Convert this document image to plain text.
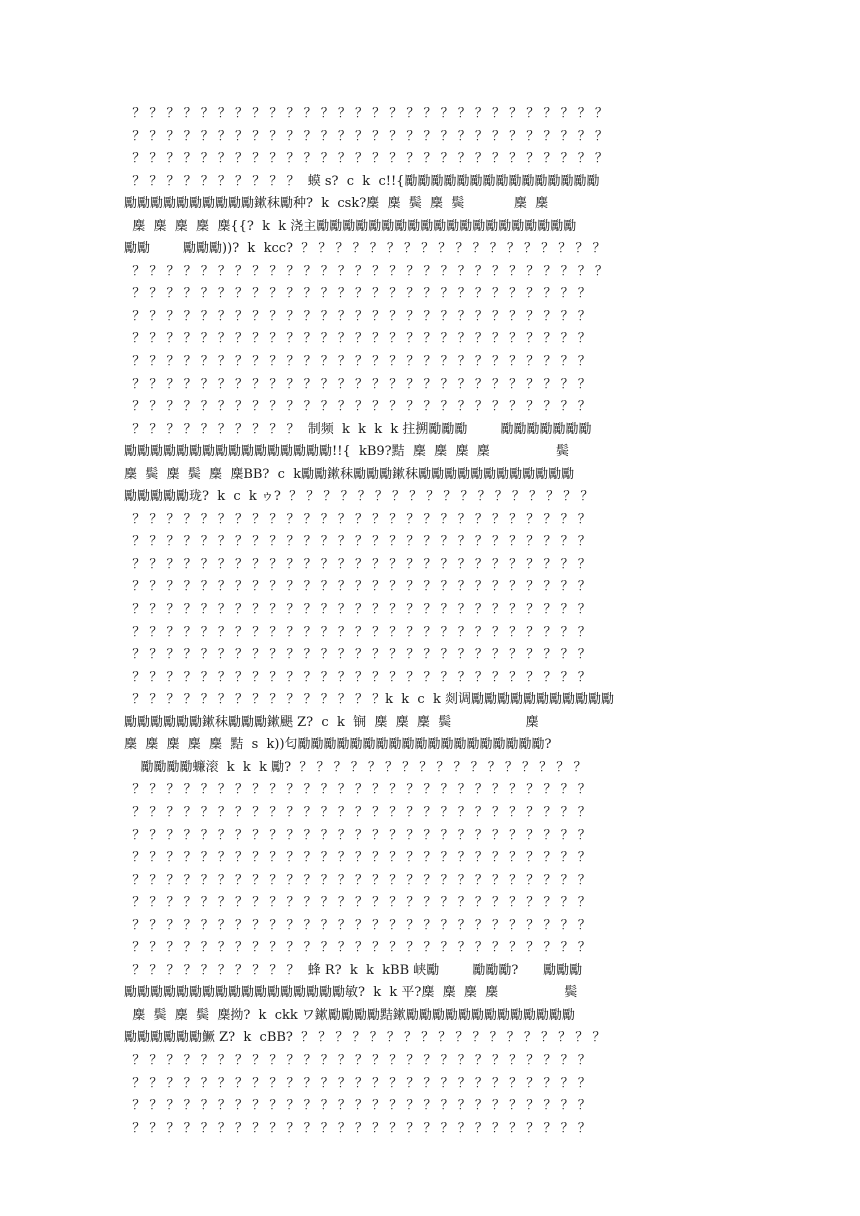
？ ？ ？ ？ ？ ？ ？ ？ ？ ？ ？ ？ ？ ？ ？ ？ ？ ？ ？ ？ ？ ？ ？ ？ ？ ？ ？ ？
？ ？ ？ ？ ？ ？ ？ ？ ？ ？ ？ ？ ？ ？ ？ ？ ？ ？ ？ ？ ？ ？ ？ ？ ？ ？ ？ ？
？ ？ ？ ？ ？ ？ ？ ？ ？ ？ ？ ？ ？ ？ ？ ？ ？ ？ ？ ？ ？ ？ ？ ？ ？ ？ ？ ？
？ ？ ？ ？ ？ ？ ？ ？ ？ ？  蟆 s?  c  k  c!!{勵勵勵勵勵勵勵勵勵勵勵勵勵勵勵
勵勵勵勵勵勵勵勵勵勵鏉秣勵种?  k  csk?麇  麇  鬓  麇  鬓            麇  麇
麇  麇  麇  麇  麇{{?  k  k 浇主勵勵勵勵勵勵勵勵勵勵勵勵勵勵勵勵勵勵勵勵
勵勵        勵勵勵))?  k  kcc?  ？ ？ ？ ？ ？ ？ ？ ？ ？ ？ ？ ？ ？ ？ ？ ？ ？ ？
？ ？ ？ ？ ？ ？ ？ ？ ？ ？ ？ ？ ？ ？ ？ ？ ？ ？ ？ ？ ？ ？ ？ ？ ？ ？ ？ ？
？ ？ ？ ？ ？ ？ ？ ？ ？ ？ ？ ？ ？ ？ ？ ？ ？ ？ ？ ？ ？ ？ ？ ？ ？ ？ ？
？ ？ ？ ？ ？ ？ ？ ？ ？ ？ ？ ？ ？ ？ ？ ？ ？ ？ ？ ？ ？ ？ ？ ？ ？ ？ ？
？ ？ ？ ？ ？ ？ ？ ？ ？ ？ ？ ？ ？ ？ ？ ？ ？ ？ ？ ？ ？ ？ ？ ？ ？ ？ ？
？ ？ ？ ？ ？ ？ ？ ？ ？ ？ ？ ？ ？ ？ ？ ？ ？ ？ ？ ？ ？ ？ ？ ？ ？ ？ ？
？ ？ ？ ？ ？ ？ ？ ？ ？ ？ ？ ？ ？ ？ ？ ？ ？ ？ ？ ？ ？ ？ ？ ？ ？ ？ ？
？ ？ ？ ？ ？ ？ ？ ？ ？ ？ ？ ？ ？ ？ ？ ？ ？ ？ ？ ？ ？ ？ ？ ？ ？ ？ ？
？ ？ ？ ？ ？ ？ ？ ？ ？ ？  制频  k  k  k  k 拄搠勵勵勵        勵勵勵勵勵勵勵
勵勵勵勵勵勵勵勵勵勵勵勵勵勵勵勵!!{  kB9?黠  麇  麇  麇  麇                鬓
麇  鬓  麇  鬓  麇  麇BB?  c  k勵勵鏉秣勵勵勵鏉秣勵勵勵勵勵勵勵勵勵勵勵勵
勵勵勵勵勵珑?  k  c  k ゥ?  ？ ？ ？ ？ ？ ？ ？ ？ ？ ？ ？ ？ ？ ？ ？ ？ ？ ？
？ ？ ？ ？ ？ ？ ？ ？ ？ ？ ？ ？ ？ ？ ？ ？ ？ ？ ？ ？ ？ ？ ？ ？ ？ ？ ？
？ ？ ？ ？ ？ ？ ？ ？ ？ ？ ？ ？ ？ ？ ？ ？ ？ ？ ？ ？ ？ ？ ？ ？ ？ ？ ？
？ ？ ？ ？ ？ ？ ？ ？ ？ ？ ？ ？ ？ ？ ？ ？ ？ ？ ？ ？ ？ ？ ？ ？ ？ ？ ？
？ ？ ？ ？ ？ ？ ？ ？ ？ ？ ？ ？ ？ ？ ？ ？ ？ ？ ？ ？ ？ ？ ？ ？ ？ ？ ？
？ ？ ？ ？ ？ ？ ？ ？ ？ ？ ？ ？ ？ ？ ？ ？ ？ ？ ？ ？ ？ ？ ？ ？ ？ ？ ？
？ ？ ？ ？ ？ ？ ？ ？ ？ ？ ？ ？ ？ ？ ？ ？ ？ ？ ？ ？ ？ ？ ？ ？ ？ ？ ？
？ ？ ？ ？ ？ ？ ？ ？ ？ ？ ？ ？ ？ ？ ？ ？ ？ ？ ？ ？ ？ ？ ？ ？ ？ ？ ？
？ ？ ？ ？ ？ ？ ？ ？ ？ ？ ？ ？ ？ ？ ？ ？ ？ ？ ？ ？ ？ ？ ？ ？ ？ ？ ？
？ ？ ？ ？ ？ ？ ？ ？ ？ ？ ？ ？ ？ ？ ？k  k  c  k 剡调勵勵勵勵勵勵勵勵勵勵勵
勵勵勵勵勵勵鏉秣勵勵勵鏉颶 Z?  c  k  锎  麇  麇  麇  鬓                  麇
麇  麇  麇  麇  麇  黠  s  k))匂勵勵勵勵勵勵勵勵勵勵勵勵勵勵勵勵勵勵勵?
勵勵勵勵蠊滚  k  k  k 勵?  ？ ？ ？ ？ ？ ？ ？ ？ ？ ？ ？ ？ ？ ？ ？ ？ ？
？ ？ ？ ？ ？ ？ ？ ？ ？ ？ ？ ？ ？ ？ ？ ？ ？ ？ ？ ？ ？ ？ ？ ？ ？ ？ ？
？ ？ ？ ？ ？ ？ ？ ？ ？ ？ ？ ？ ？ ？ ？ ？ ？ ？ ？ ？ ？ ？ ？ ？ ？ ？ ？
？ ？ ？ ？ ？ ？ ？ ？ ？ ？ ？ ？ ？ ？ ？ ？ ？ ？ ？ ？ ？ ？ ？ ？ ？ ？ ？
？ ？ ？ ？ ？ ？ ？ ？ ？ ？ ？ ？ ？ ？ ？ ？ ？ ？ ？ ？ ？ ？ ？ ？ ？ ？ ？
？ ？ ？ ？ ？ ？ ？ ？ ？ ？ ？ ？ ？ ？ ？ ？ ？ ？ ？ ？ ？ ？ ？ ？ ？ ？ ？
？ ？ ？ ？ ？ ？ ？ ？ ？ ？ ？ ？ ？ ？ ？ ？ ？ ？ ？ ？ ？ ？ ？ ？ ？ ？ ？
？ ？ ？ ？ ？ ？ ？ ？ ？ ？ ？ ？ ？ ？ ？ ？ ？ ？ ？ ？ ？ ？ ？ ？ ？ ？ ？
？ ？ ？ ？ ？ ？ ？ ？ ？ ？ ？ ？ ？ ？ ？ ？ ？ ？ ？ ？ ？ ？ ？ ？ ？ ？ ？
？ ？ ？ ？ ？ ？ ？ ？ ？ ？  蜂 R?  k  k  kBB 峡勵        勵勵勵?      勵勵勵
勵勵勵勵勵勵勵勵勵勵勵勵勵勵勵勵勵敏?  k  k 平?麇  麇  麇  麇                鬓
麇  鬓  麇  鬓  麇拗?  k  ckk ワ鏉勵勵勵勵黠鏉勵勵勵勵勵勵勵勵勵勵勵勵勵
勵勵勵勵勵勵鱖 Z?  k  cBB?  ？ ？ ？ ？ ？ ？ ？ ？ ？ ？ ？ ？ ？ ？ ？ ？ ？ ？
？ ？ ？ ？ ？ ？ ？ ？ ？ ？ ？ ？ ？ ？ ？ ？ ？ ？ ？ ？ ？ ？ ？ ？ ？ ？ ？
？ ？ ？ ？ ？ ？ ？ ？ ？ ？ ？ ？ ？ ？ ？ ？ ？ ？ ？ ？ ？ ？ ？ ？ ？ ？ ？
？ ？ ？ ？ ？ ？ ？ ？ ？ ？ ？ ？ ？ ？ ？ ？ ？ ？ ？ ？ ？ ？ ？ ？ ？ ？ ？
？ ？ ？ ？ ？ ？ ？ ？ ？ ？ ？ ？ ？ ？ ？ ？ ？ ？ ？ ？ ？ ？ ？ ？ ？ ？ ？
